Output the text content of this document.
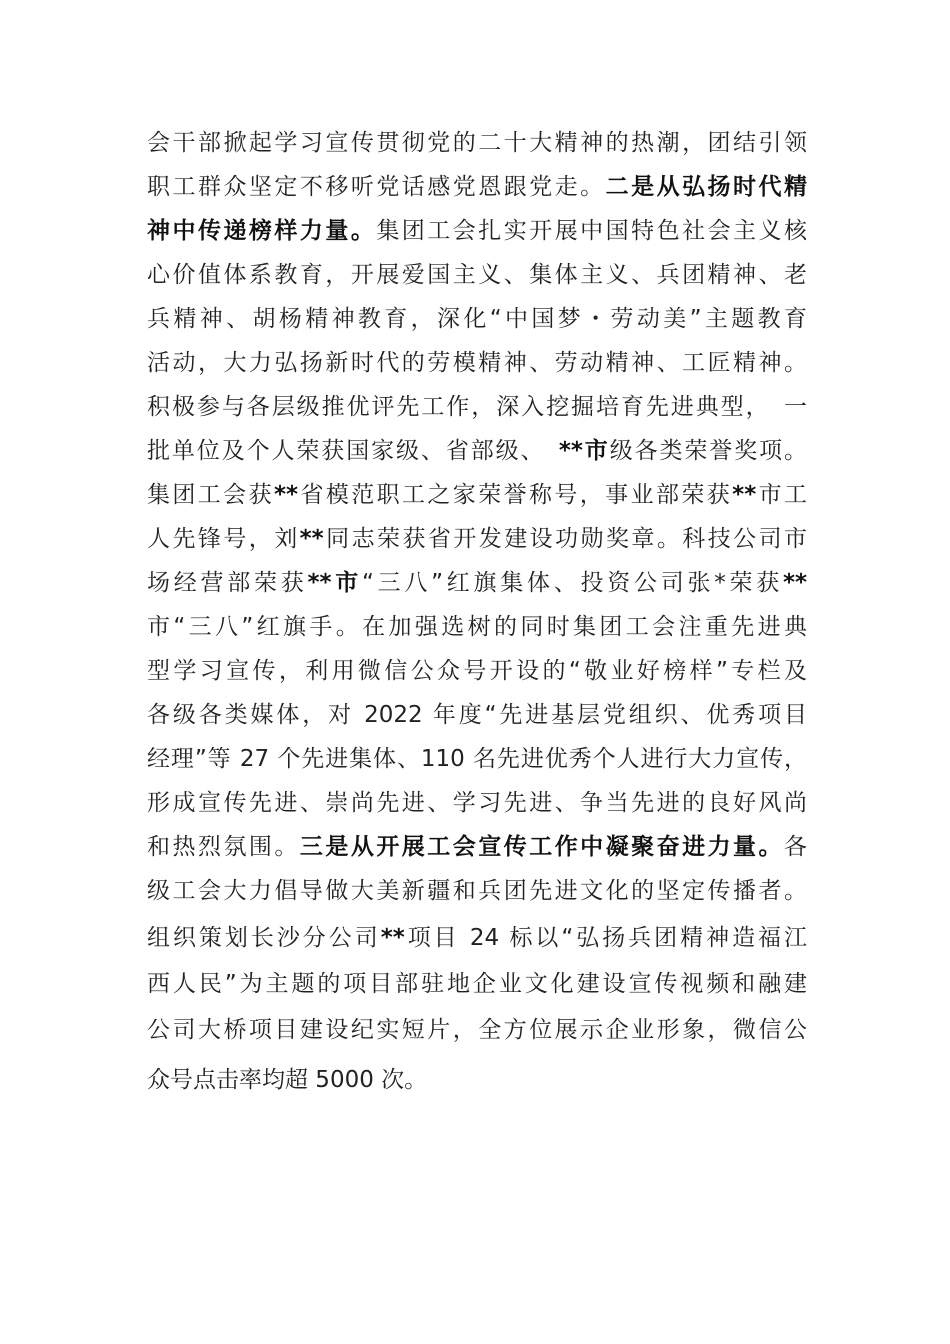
会干部掀起学习宣传贯彻党的二十大精神的热潮，团结引领
职工群众坚定不移听党话感党恩跟党走。二是从弘扬时代精
神中传递榜样力量。集团工会扎实开展中国特色社会主义核
心价值体系教育，开展爱国主义、集体主义、兵团精神、老
兵精神、胡杨精神教育，深化“中国梦・劳动美”主题教育
活动，大力弘扬新时代的劳模精神、劳动精神、工匠精神。
积极参与各层级推优评先工作，深入挖掘培育先进典型，　一
批单位及个人荣获国家级、省部级、　**市级各类荣誉奖项。
集团工会获**省模范职工之家荣誉称号，事业部荣获**市工
人先锋号，刘**同志荣获省开发建设功勋奖章。科技公司市
场经营部荣获**市“三八”红旗集体、投资公司张*荣获**
市“三八”红旗手。在加强选树的同时集团工会注重先进典
型学习宣传，利用微信公众号开设的“敬业好榜样”专栏及
各级各类媒体，对 2022 年度“先进基层党组织、优秀项目
经理”等 27 个先进集体、110 名先进优秀个人进行大力宣传，
形成宣传先进、崇尚先进、学习先进、争当先进的良好风尚
和热烈氛围。三是从开展工会宣传工作中凝聚奋进力量。各
级工会大力倡导做大美新疆和兵团先进文化的坚定传播者。
组织策划长沙分公司**项目 24 标以“弘扬兵团精神造福江
西人民”为主题的项目部驻地企业文化建设宣传视频和融建
公司大桥项目建设纪实短片，全方位展示企业形象，微信公
众号点击率均超 5000 次。
